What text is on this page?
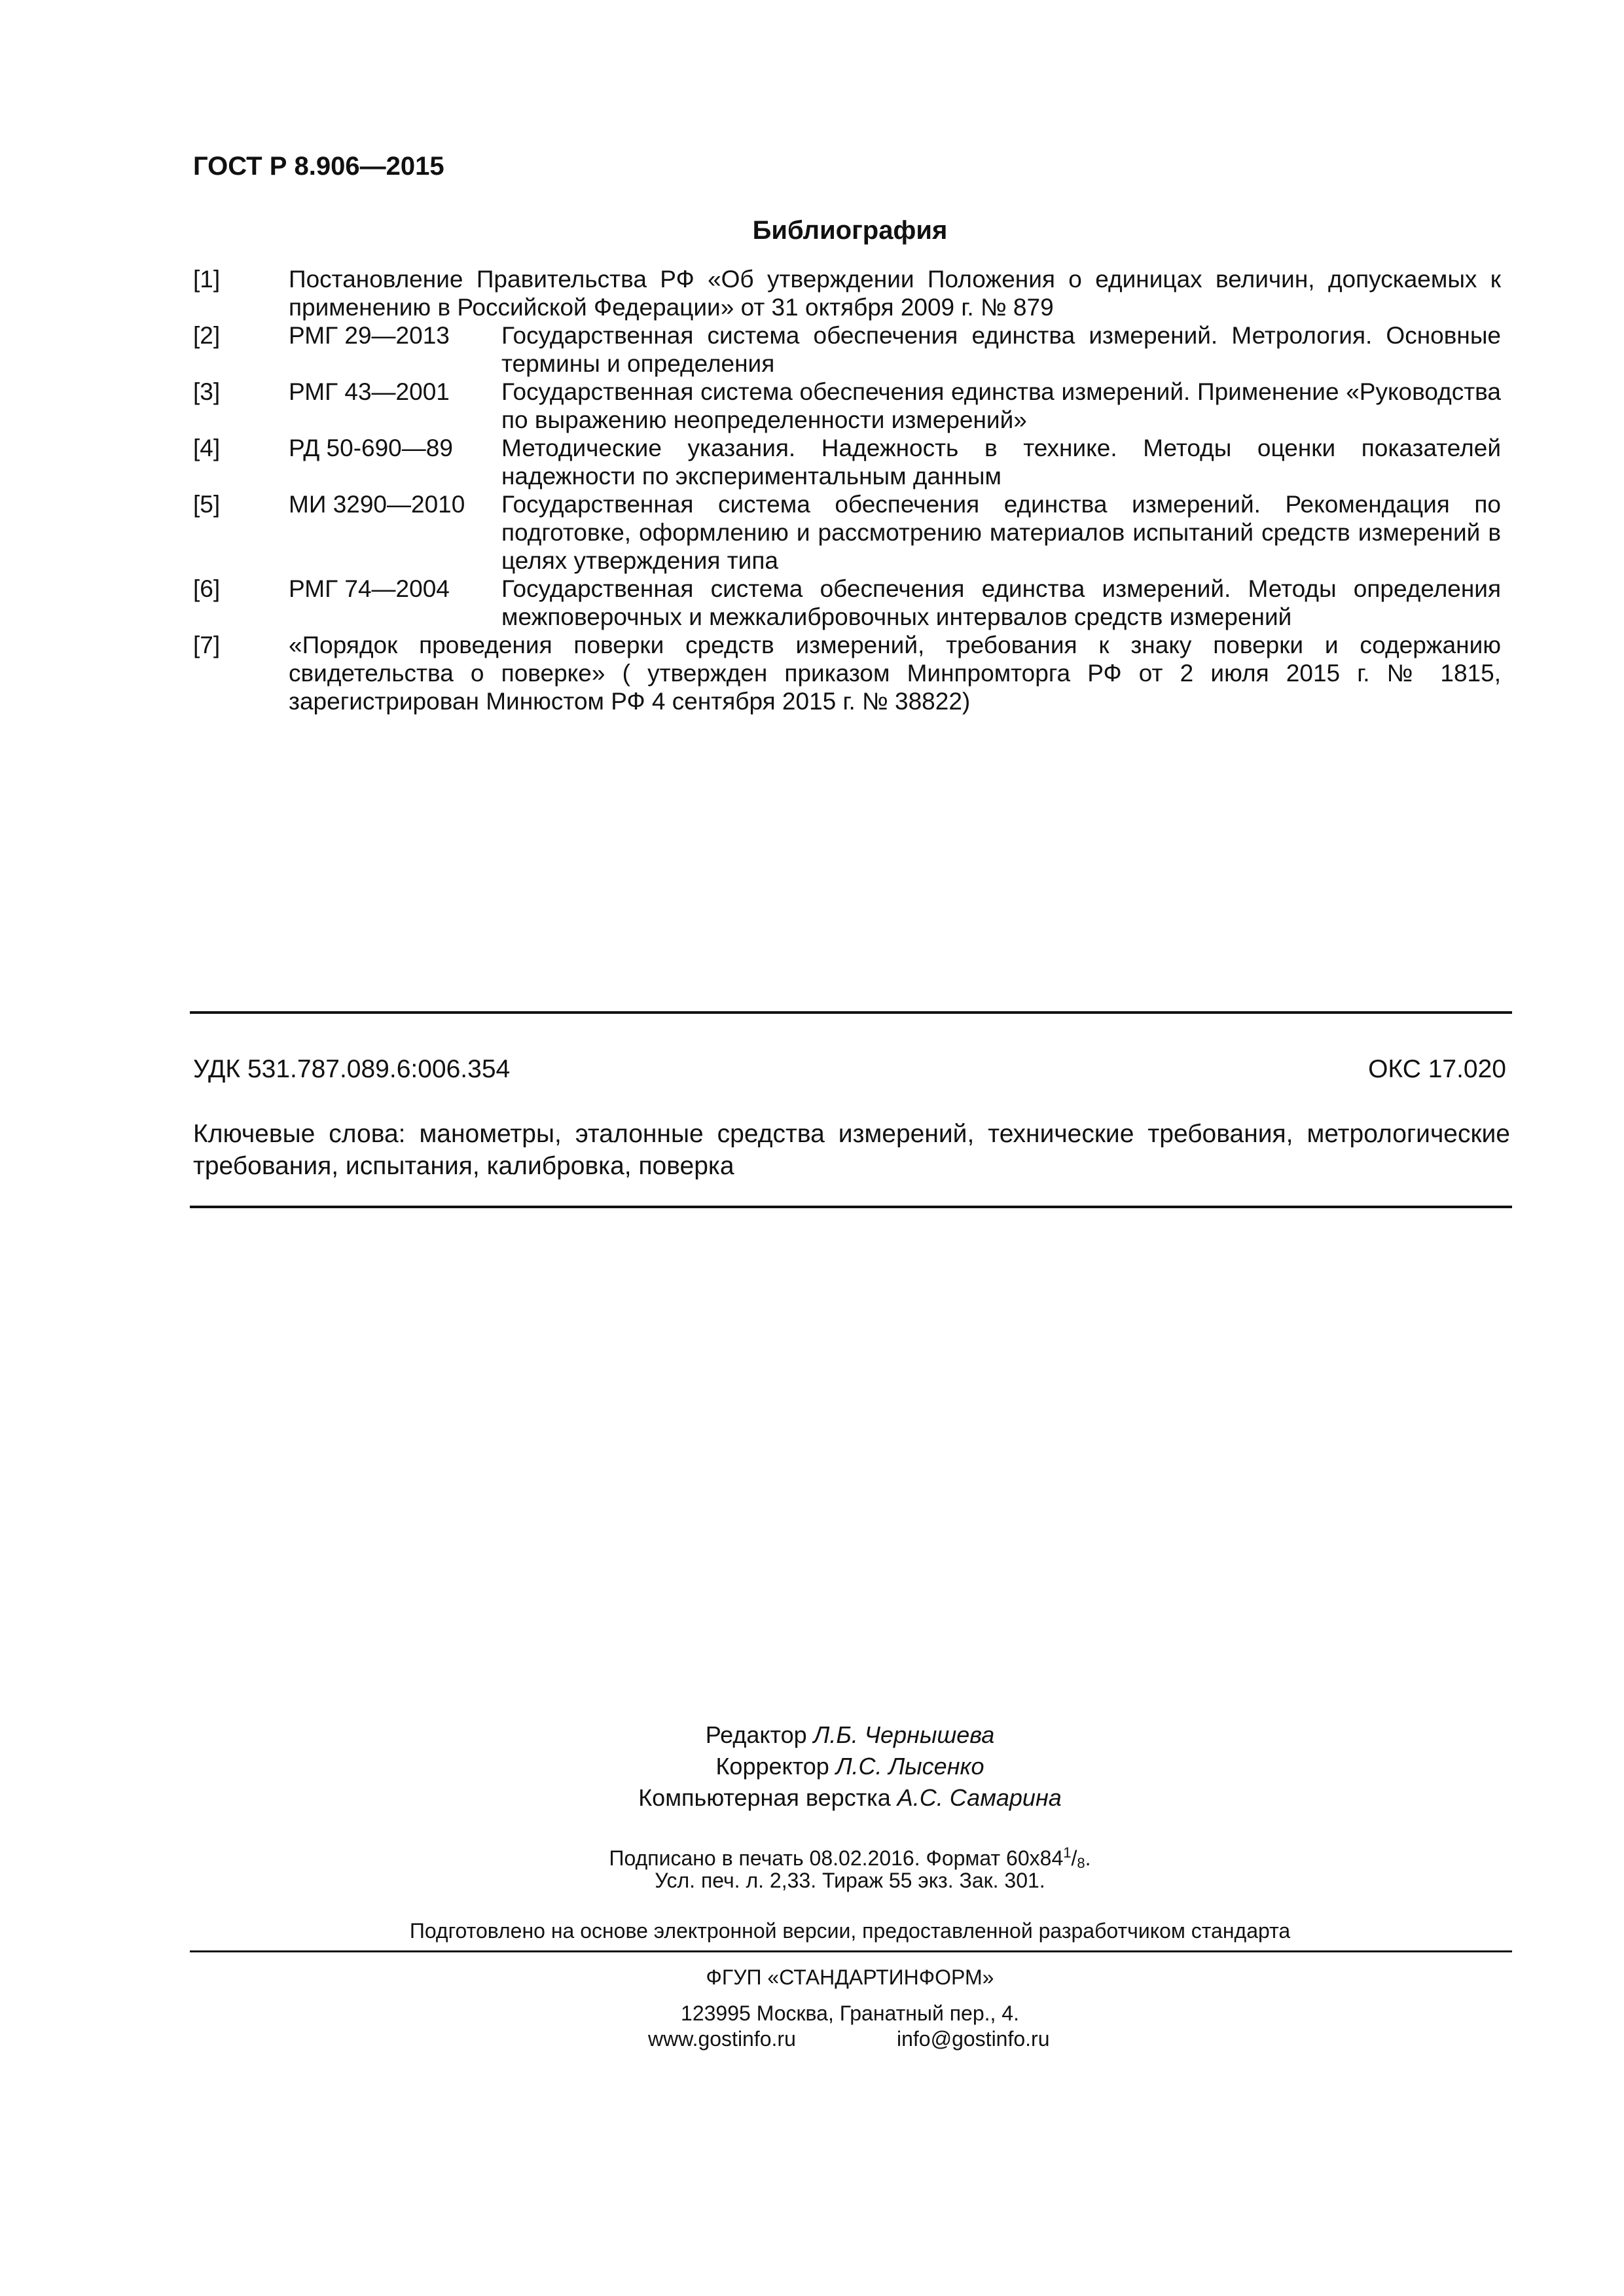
ГОСТ Р 8.906—2015
Библиография
[1]	Постановление Правительства РФ «Об утверждении Положения о единицах величин, допускаемых к применению в Российской Федерации» от 31 октября 2009 г. № 879
[2]	РМГ 29—2013	Государственная система обеспечения единства измерений. Метрология. Основные термины и определения
[3]	РМГ 43—2001	Государственная система обеспечения единства измерений. Применение «Руководства по выражению неопределенности измерений»
[4]	РД 50-690—89	Методические указания. Надежность в технике. Методы оценки показателей надежности по экспериментальным данным
[5]	МИ 3290—2010	Государственная система обеспечения единства измерений. Рекомендация по подготовке, оформлению и рассмотрению материалов испытаний средств измерений в целях утверждения типа
[6]	РМГ 74—2004	Государственная система обеспечения единства измерений. Методы определения межповерочных и межкалибровочных интервалов средств измерений
[7]	«Порядок проведения поверки средств измерений, требования к знаку поверки и содержанию свидетельства о поверке» ( утвержден приказом Минпромторга РФ от 2 июля 2015 г. № 1815, зарегистрирован Минюстом РФ 4 сентября 2015 г. № 38822)
УДК 531.787.089.6:006.354	ОКС 17.020
Ключевые слова: манометры, эталонные средства измерений, технические требования, метрологические требования, испытания, калибровка, поверка
Редактор Л.Б. Чернышева
Корректор Л.С. Лысенко
Компьютерная верстка А.С. Самарина
Подписано в печать 08.02.2016. Формат $60х84^1/_8$.
Усл. печ. л. 2,33. Тираж 55 экз. Зак. 301.
Подготовлено на основе электронной версии, предоставленной разработчиком стандарта
ФГУП «СТАНДАРТИНФОРМ»
123995 Москва, Гранатный пер., 4.
www.gostinfo.ru	info@gostinfo.ru
